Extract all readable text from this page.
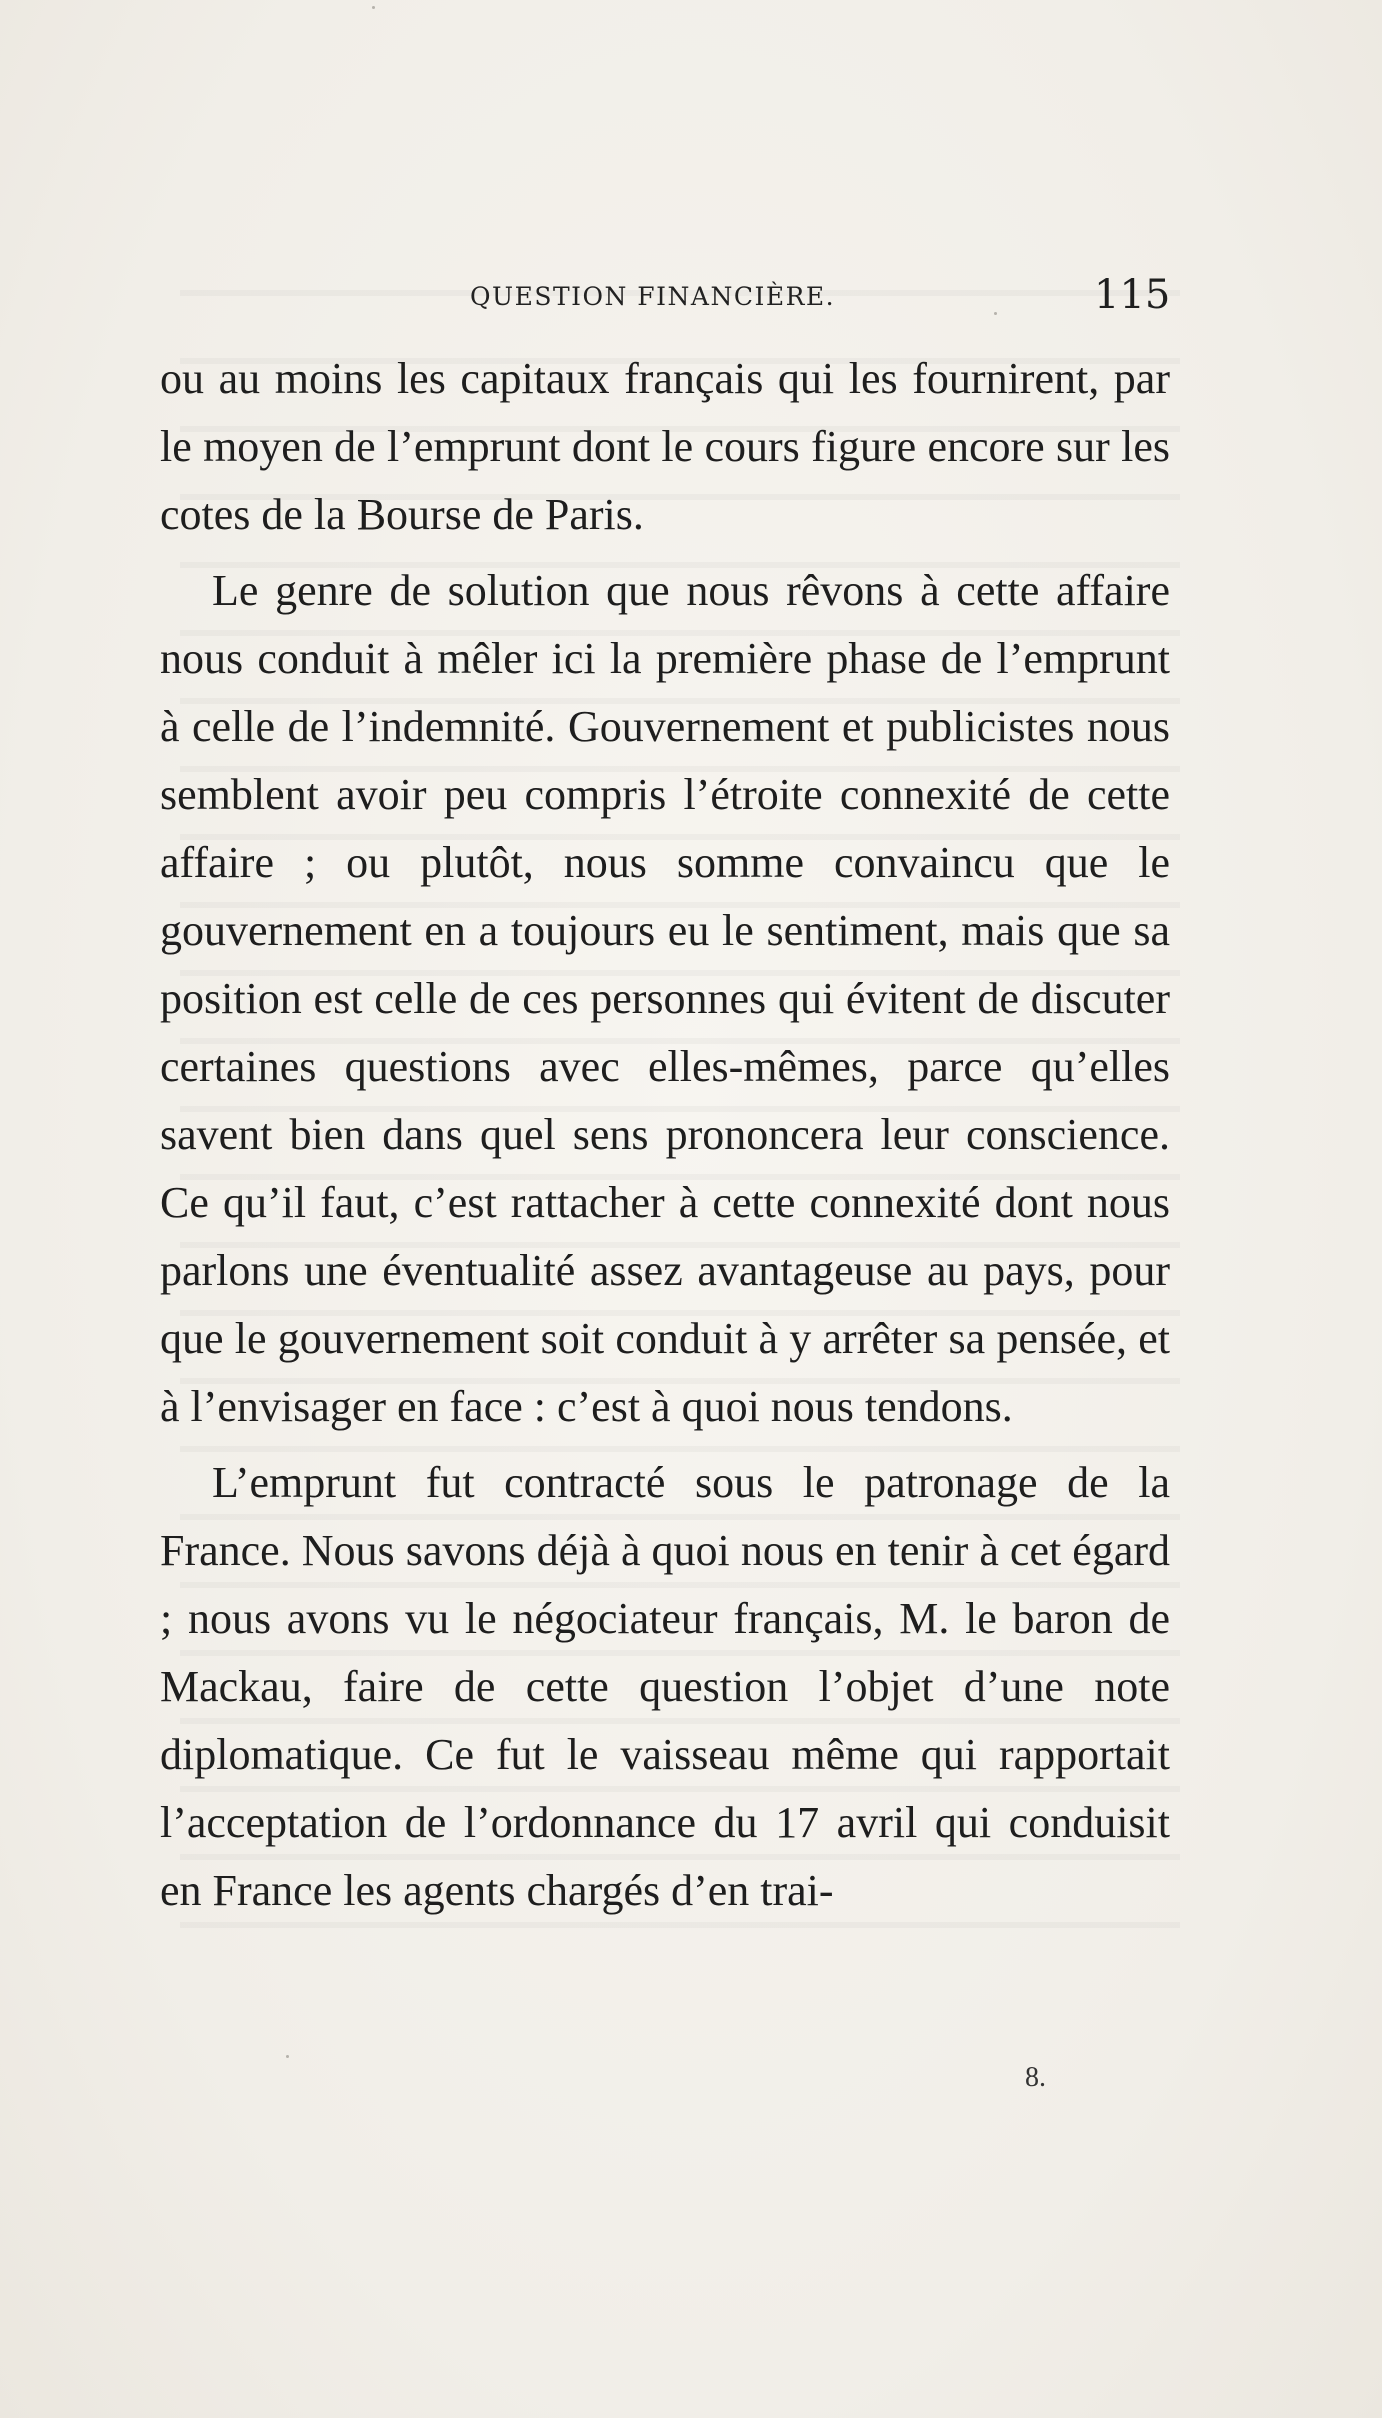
QUESTION FINANCIÈRE.	115

ou au moins les capitaux français qui les fournirent, par le moyen de l’emprunt dont le cours figure encore sur les cotes de la Bourse de Paris.

Le genre de solution que nous rêvons à cette affaire nous conduit à mêler ici la première phase de l’emprunt à celle de l’indemnité. Gouvernement et publicistes nous semblent avoir peu compris l’étroite connexité de cette affaire ; ou plutôt, nous somme convaincu que le gouvernement en a toujours eu le sentiment, mais que sa position est celle de ces personnes qui évitent de discuter certaines questions avec elles-mêmes, parce qu’elles savent bien dans quel sens prononcera leur conscience. Ce qu’il faut, c’est rattacher à cette connexité dont nous parlons une éventualité assez avantageuse au pays, pour que le gouvernement soit conduit à y arrêter sa pensée, et à l’envisager en face : c’est à quoi nous tendons.

L’emprunt fut contracté sous le patronage de la France. Nous savons déjà à quoi nous en tenir à cet égard ; nous avons vu le négociateur français, M. le baron de Mackau, faire de cette question l’objet d’une note diplomatique. Ce fut le vaisseau même qui rapportait l’acceptation de l’ordonnance du 17 avril qui conduisit en France les agents chargés d’en trai-

8.
